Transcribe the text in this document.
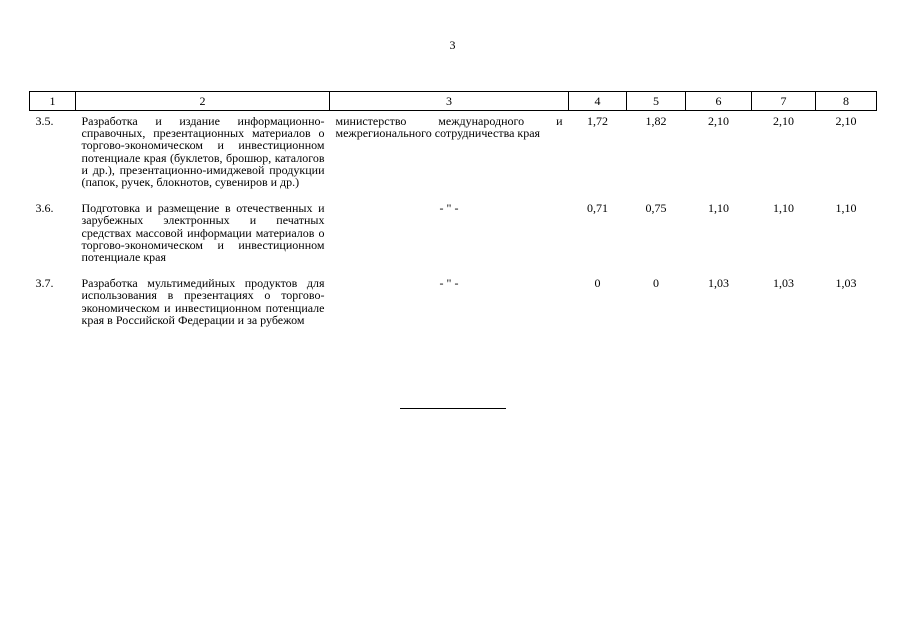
3
1	2	3	4	5	6	7	8
3.5.	Разработка и издание информационно-справочных, презентационных материалов о торгово-экономическом и инвестиционном потенциале края (буклетов, брошюр, каталогов и др.), презентационно-имиджевой продукции (папок, ручек, блокнотов, сувениров и др.)	министерство международного и межрегионального сотрудничества края	1,72	1,82	2,10	2,10	2,10
3.6.	Подготовка и размещение в отечественных и зарубежных электронных и печатных средствах массовой информации материалов о торгово-экономическом и инвестиционном потенциале края	- " -	0,71	0,75	1,10	1,10	1,10
3.7.	Разработка мультимедийных продуктов для использования в презентациях о торгово-экономическом и инвестиционном потенциале края в Российской Федерации и за рубежом	- " -	0	0	1,03	1,03	1,03
